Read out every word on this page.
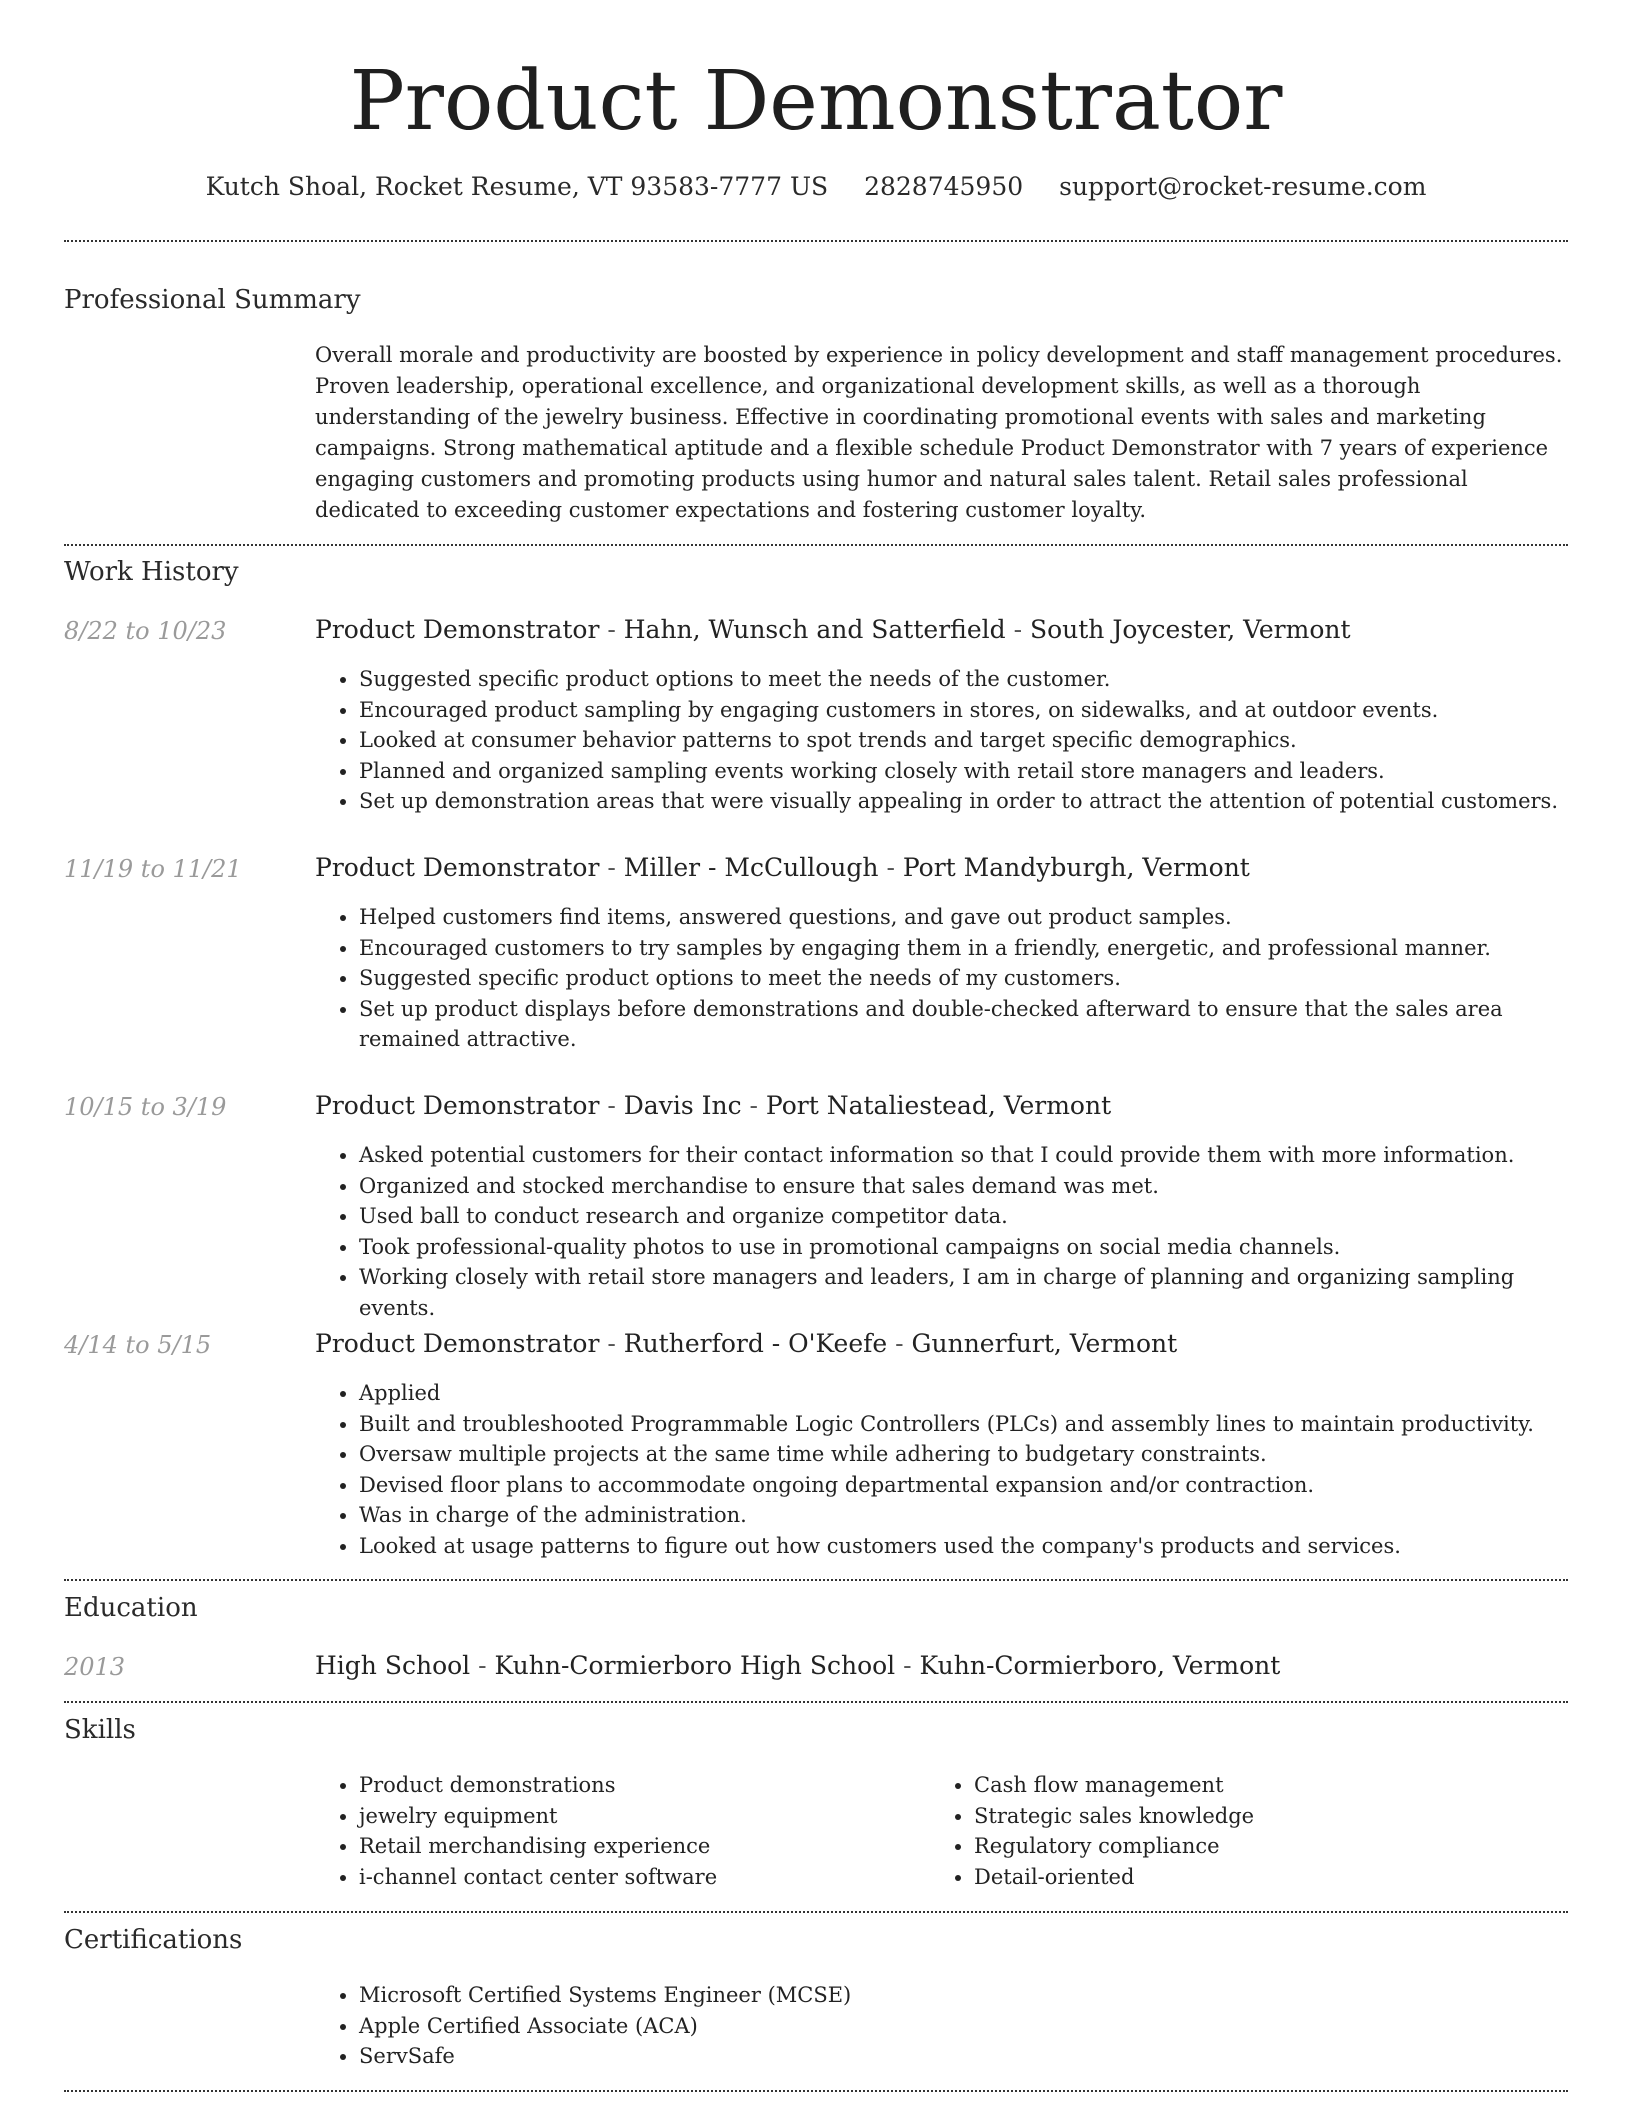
Product Demonstrator
Kutch Shoal, Rocket Resume, VT 93583-7777 US 2828745950 support@rocket-resume.com
Professional Summary

Overall morale and productivity are boosted by experience in policy development and staff management procedures. Proven leadership, operational excellence, and organizational development skills, as well as a thorough understanding of the jewelry business. Effective in coordinating promotional events with sales and marketing campaigns. Strong mathematical aptitude and a flexible schedule Product Demonstrator with 7 years of experience engaging customers and promoting products using humor and natural sales talent. Retail sales professional dedicated to exceeding customer expectations and fostering customer loyalty.

Work History
8/22 to 10/23	Product Demonstrator - Hahn, Wunsch and Satterfield - South Joycester, Vermont
• Suggested specific product options to meet the needs of the customer.
• Encouraged product sampling by engaging customers in stores, on sidewalks, and at outdoor events.
• Looked at consumer behavior patterns to spot trends and target specific demographics.
• Planned and organized sampling events working closely with retail store managers and leaders.
• Set up demonstration areas that were visually appealing in order to attract the attention of potential customers.
11/19 to 11/21	Product Demonstrator - Miller - McCullough - Port Mandyburgh, Vermont
• Helped customers find items, answered questions, and gave out product samples.
• Encouraged customers to try samples by engaging them in a friendly, energetic, and professional manner.
• Suggested specific product options to meet the needs of my customers.
• Set up product displays before demonstrations and double-checked afterward to ensure that the sales area remained attractive.
10/15 to 3/19	Product Demonstrator - Davis Inc - Port Nataliestead, Vermont
• Asked potential customers for their contact information so that I could provide them with more information.
• Organized and stocked merchandise to ensure that sales demand was met.
• Used ball to conduct research and organize competitor data.
• Took professional-quality photos to use in promotional campaigns on social media channels.
• Working closely with retail store managers and leaders, I am in charge of planning and organizing sampling events.
4/14 to 5/15	Product Demonstrator - Rutherford - O'Keefe - Gunnerfurt, Vermont
• Applied
• Built and troubleshooted Programmable Logic Controllers (PLCs) and assembly lines to maintain productivity.
• Oversaw multiple projects at the same time while adhering to budgetary constraints.
• Devised floor plans to accommodate ongoing departmental expansion and/or contraction.
• Was in charge of the administration.
• Looked at usage patterns to figure out how customers used the company's products and services.
Education
2013	High School - Kuhn-Cormierboro High School - Kuhn-Cormierboro, Vermont
Skills
• Product demonstrations
• jewelry equipment
• Retail merchandising experience
• i-channel contact center software
• Cash flow management
• Strategic sales knowledge
• Regulatory compliance
• Detail-oriented
Certifications
• Microsoft Certified Systems Engineer (MCSE)
• Apple Certified Associate (ACA)
• ServSafe
